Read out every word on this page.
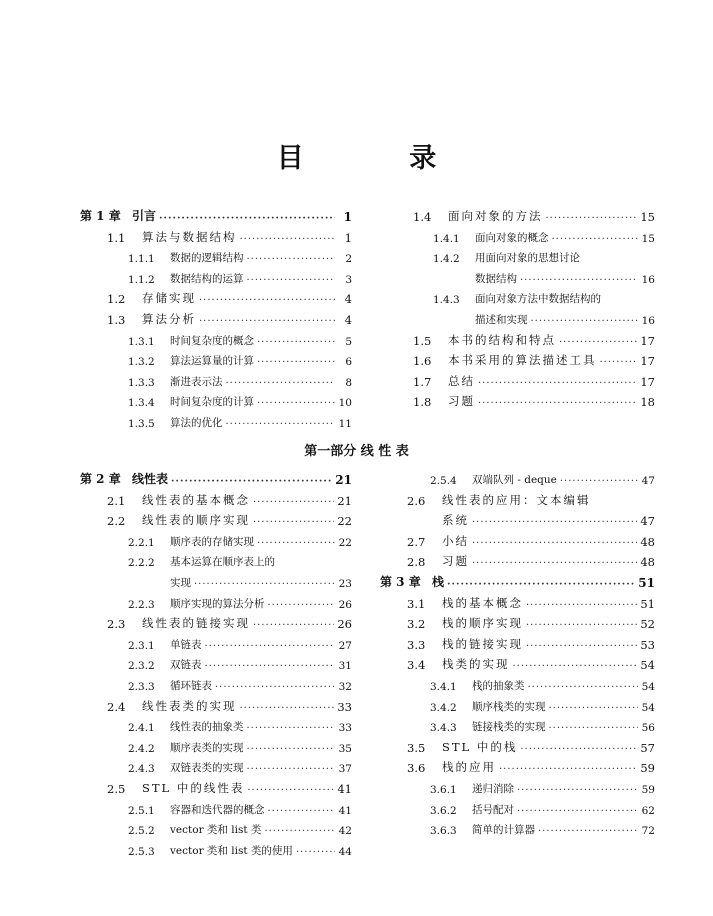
目 录
第一部分 线 性 表
第 1 章 引言 ·····	1
1.1	算法与数据结构 ·····	1
1.1.1	数据的逻辑结构 ·····	2
1.1.2	数据结构的运算 ·····	3
1.2	存储实现 ·····	4
1.3	算法分析 ·····	4
1.3.1	时间复杂度的概念 ·····	5
1.3.2	算法运算量的计算 ·····	6
1.3.3	渐进表示法 ·····	8
1.3.4	时间复杂度的计算 ·····	10
1.3.5	算法的优化 ·····	11
1.4	面向对象的方法 ·····	15
1.4.1	面向对象的概念 ·····	15
1.4.2	用面向对象的思想讨论
数据结构 ·····	16
1.4.3	面向对象方法中数据结构的
描述和实现 ·····	16
1.5	本书的结构和特点 ·····	17
1.6	本书采用的算法描述工具 ·····	17
1.7	总结 ·····	17
1.8	习题 ·····	18
第 2 章 线性表 ·····	21
2.1	线性表的基本概念 ·····	21
2.2	线性表的顺序实现 ·····	22
2.2.1	顺序表的存储实现 ·····	22
2.2.2	基本运算在顺序表上的
实现 ·····	23
2.2.3	顺序实现的算法分析 ·····	26
2.3	线性表的链接实现 ·····	26
2.3.1	单链表 ·····	27
2.3.2	双链表 ·····	31
2.3.3	循环链表 ·····	32
2.4	线性表类的实现 ·····	33
2.4.1	线性表的抽象类 ·····	33
2.4.2	顺序表类的实现 ·····	35
2.4.3	双链表类的实现 ·····	37
2.5	STL 中的线性表 ·····	41
2.5.1	容器和迭代器的概念 ·····	41
2.5.2	vector 类和 list 类 ·····	42
2.5.3	vector 类和 list 类的使用 ·····	44
2.5.4	双端队列 - deque ·····	47
2.6	线性表的应用：文本编辑
系统 ·····	47
2.7	小结 ·····	48
2.8	习题 ·····	48
第 3 章 栈 ·····	51
3.1	栈的基本概念 ·····	51
3.2	栈的顺序实现 ·····	52
3.3	栈的链接实现 ·····	53
3.4	栈类的实现 ·····	54
3.4.1	栈的抽象类 ·····	54
3.4.2	顺序栈类的实现 ·····	54
3.4.3	链接栈类的实现 ·····	56
3.5	STL 中的栈 ·····	57
3.6	栈的应用 ·····	59
3.6.1	递归消除 ·····	59
3.6.2	括号配对 ·····	62
3.6.3	简单的计算器 ·····	72
